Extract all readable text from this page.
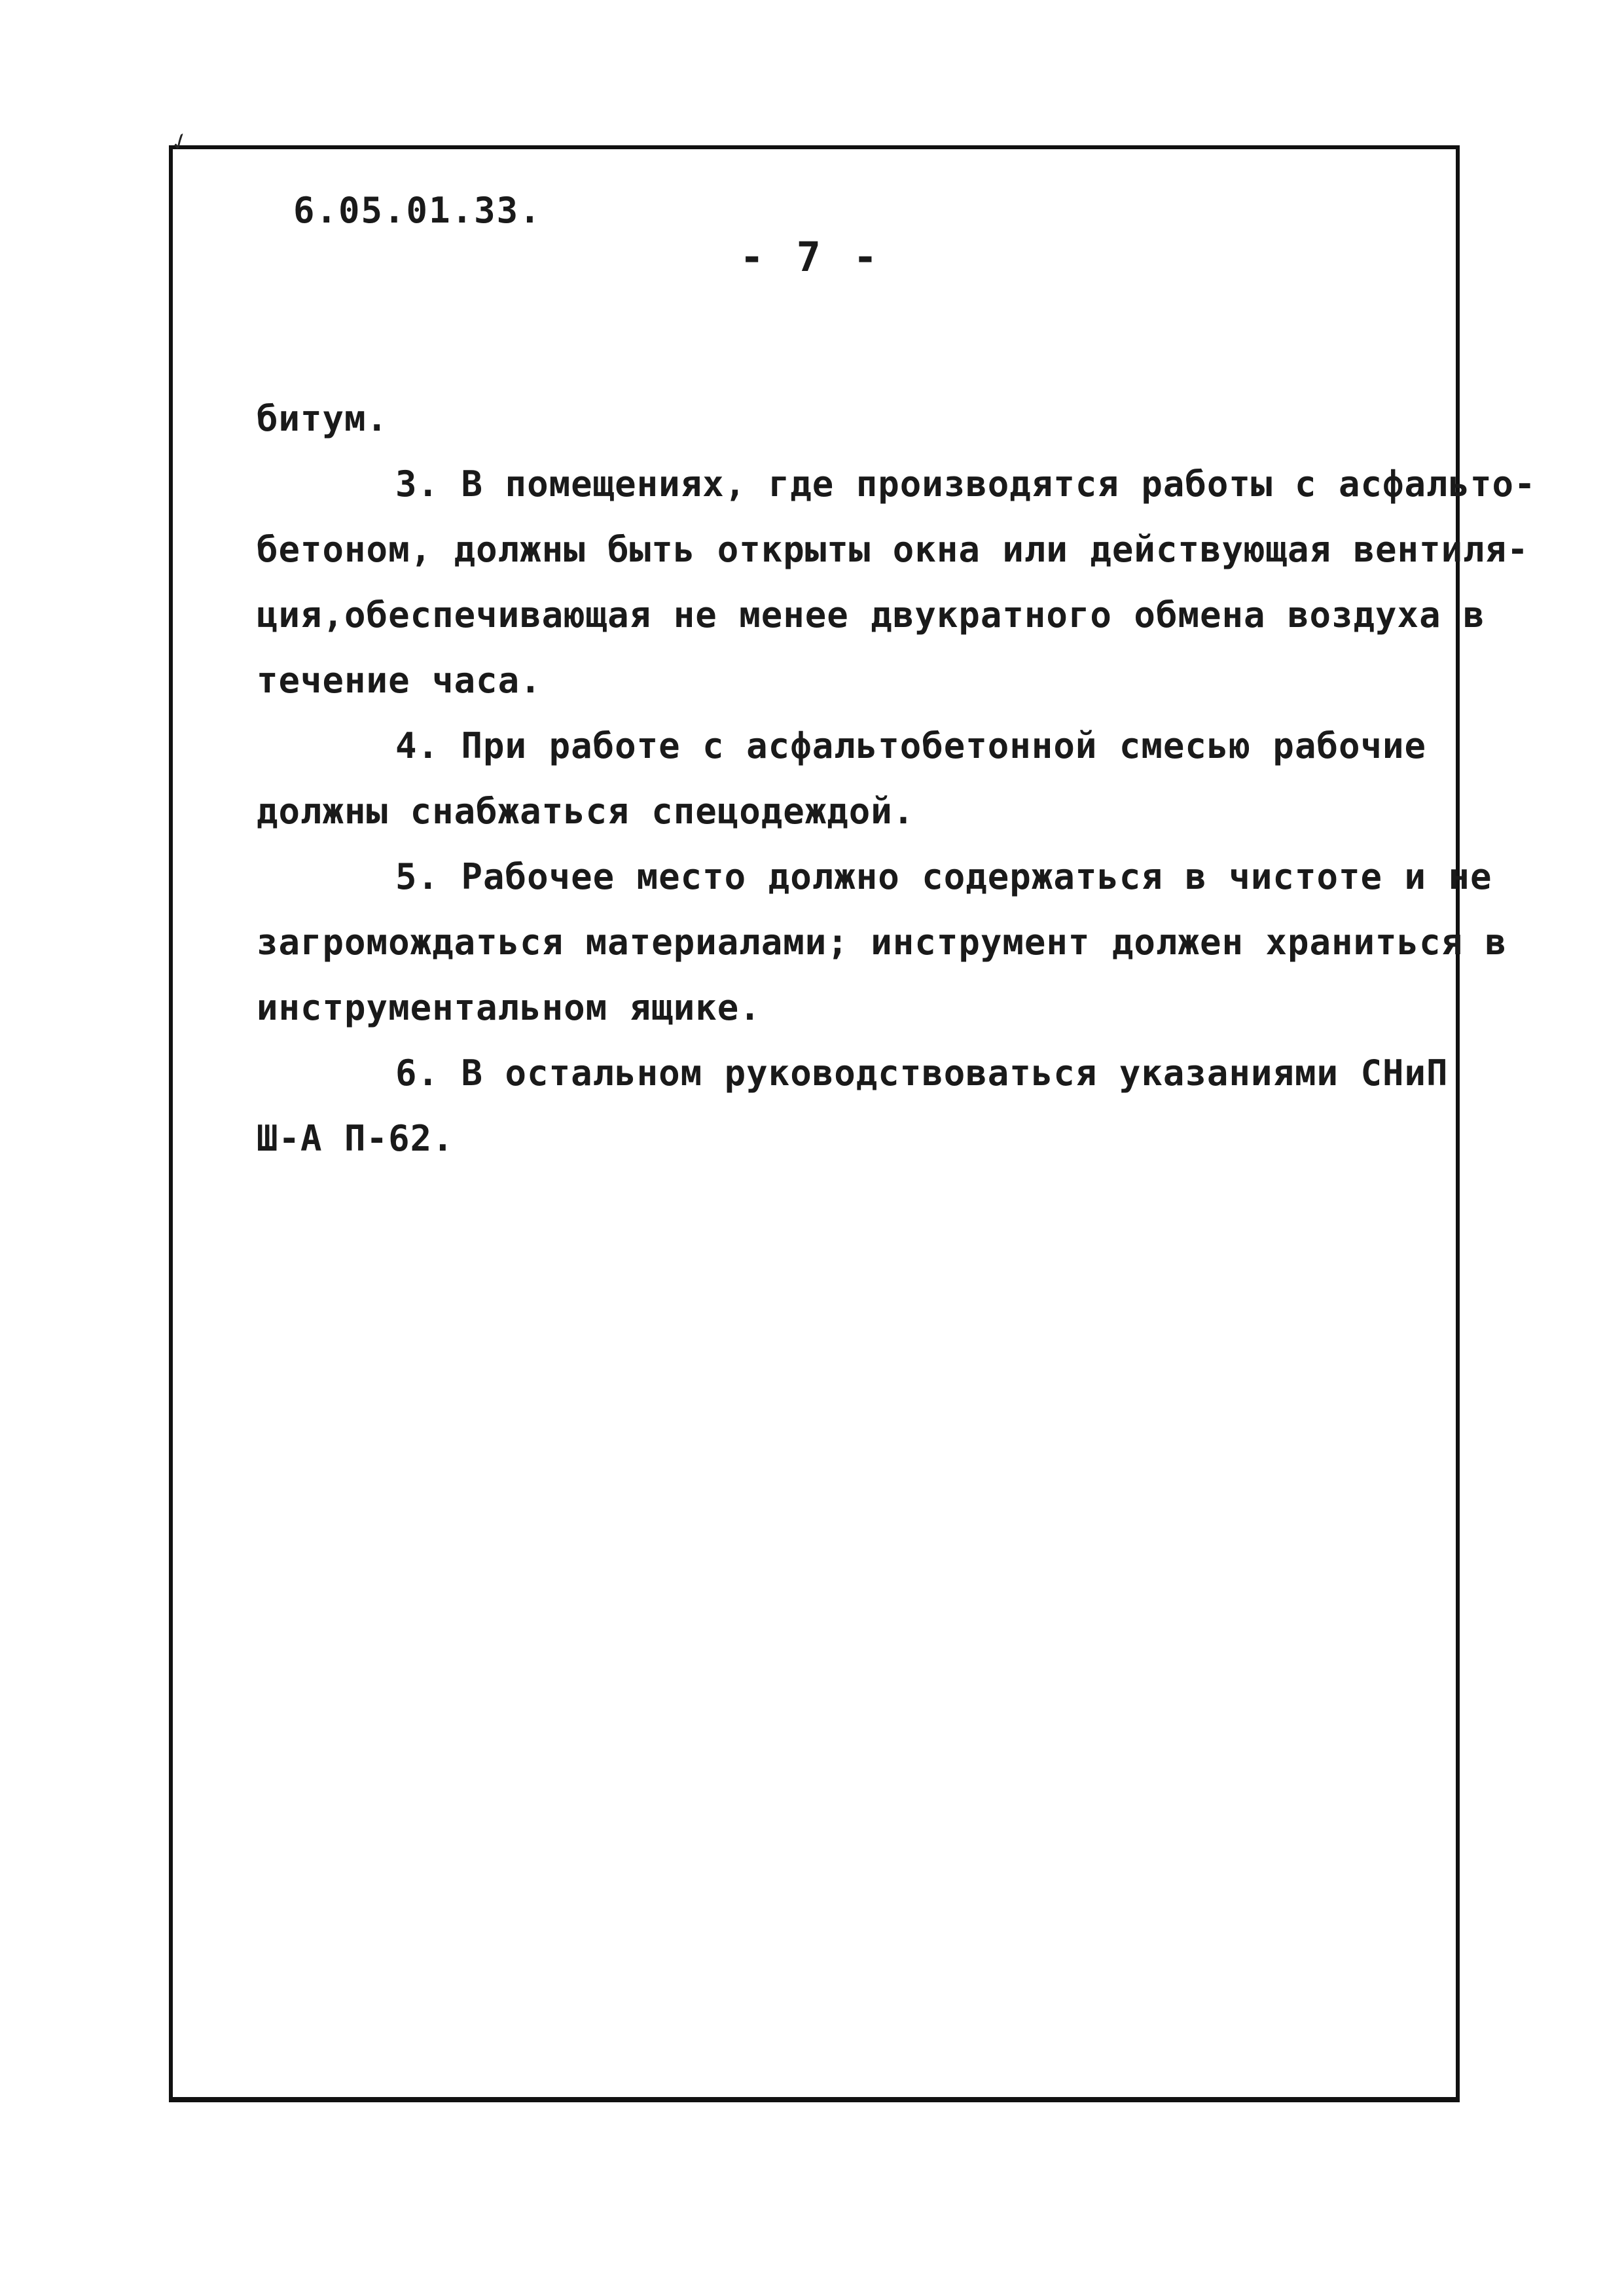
✓
6.05.01.33.
- 7 -
битум.
3. В помещениях, где производятся работы с асфальто-
бетоном, должны быть открыты окна или действующая вентиля-
ция,обеспечивающая не менее двукратного обмена воздуха в
течение часа.
4. При работе с асфальтобетонной смесью рабочие
должны снабжаться спецодеждой.
5. Рабочее место должно содержаться в чистоте и не
загромождаться материалами; инструмент должен храниться в
инструментальном ящике.
6. В остальном руководствоваться указаниями СНиП
Ш-А П-62.
